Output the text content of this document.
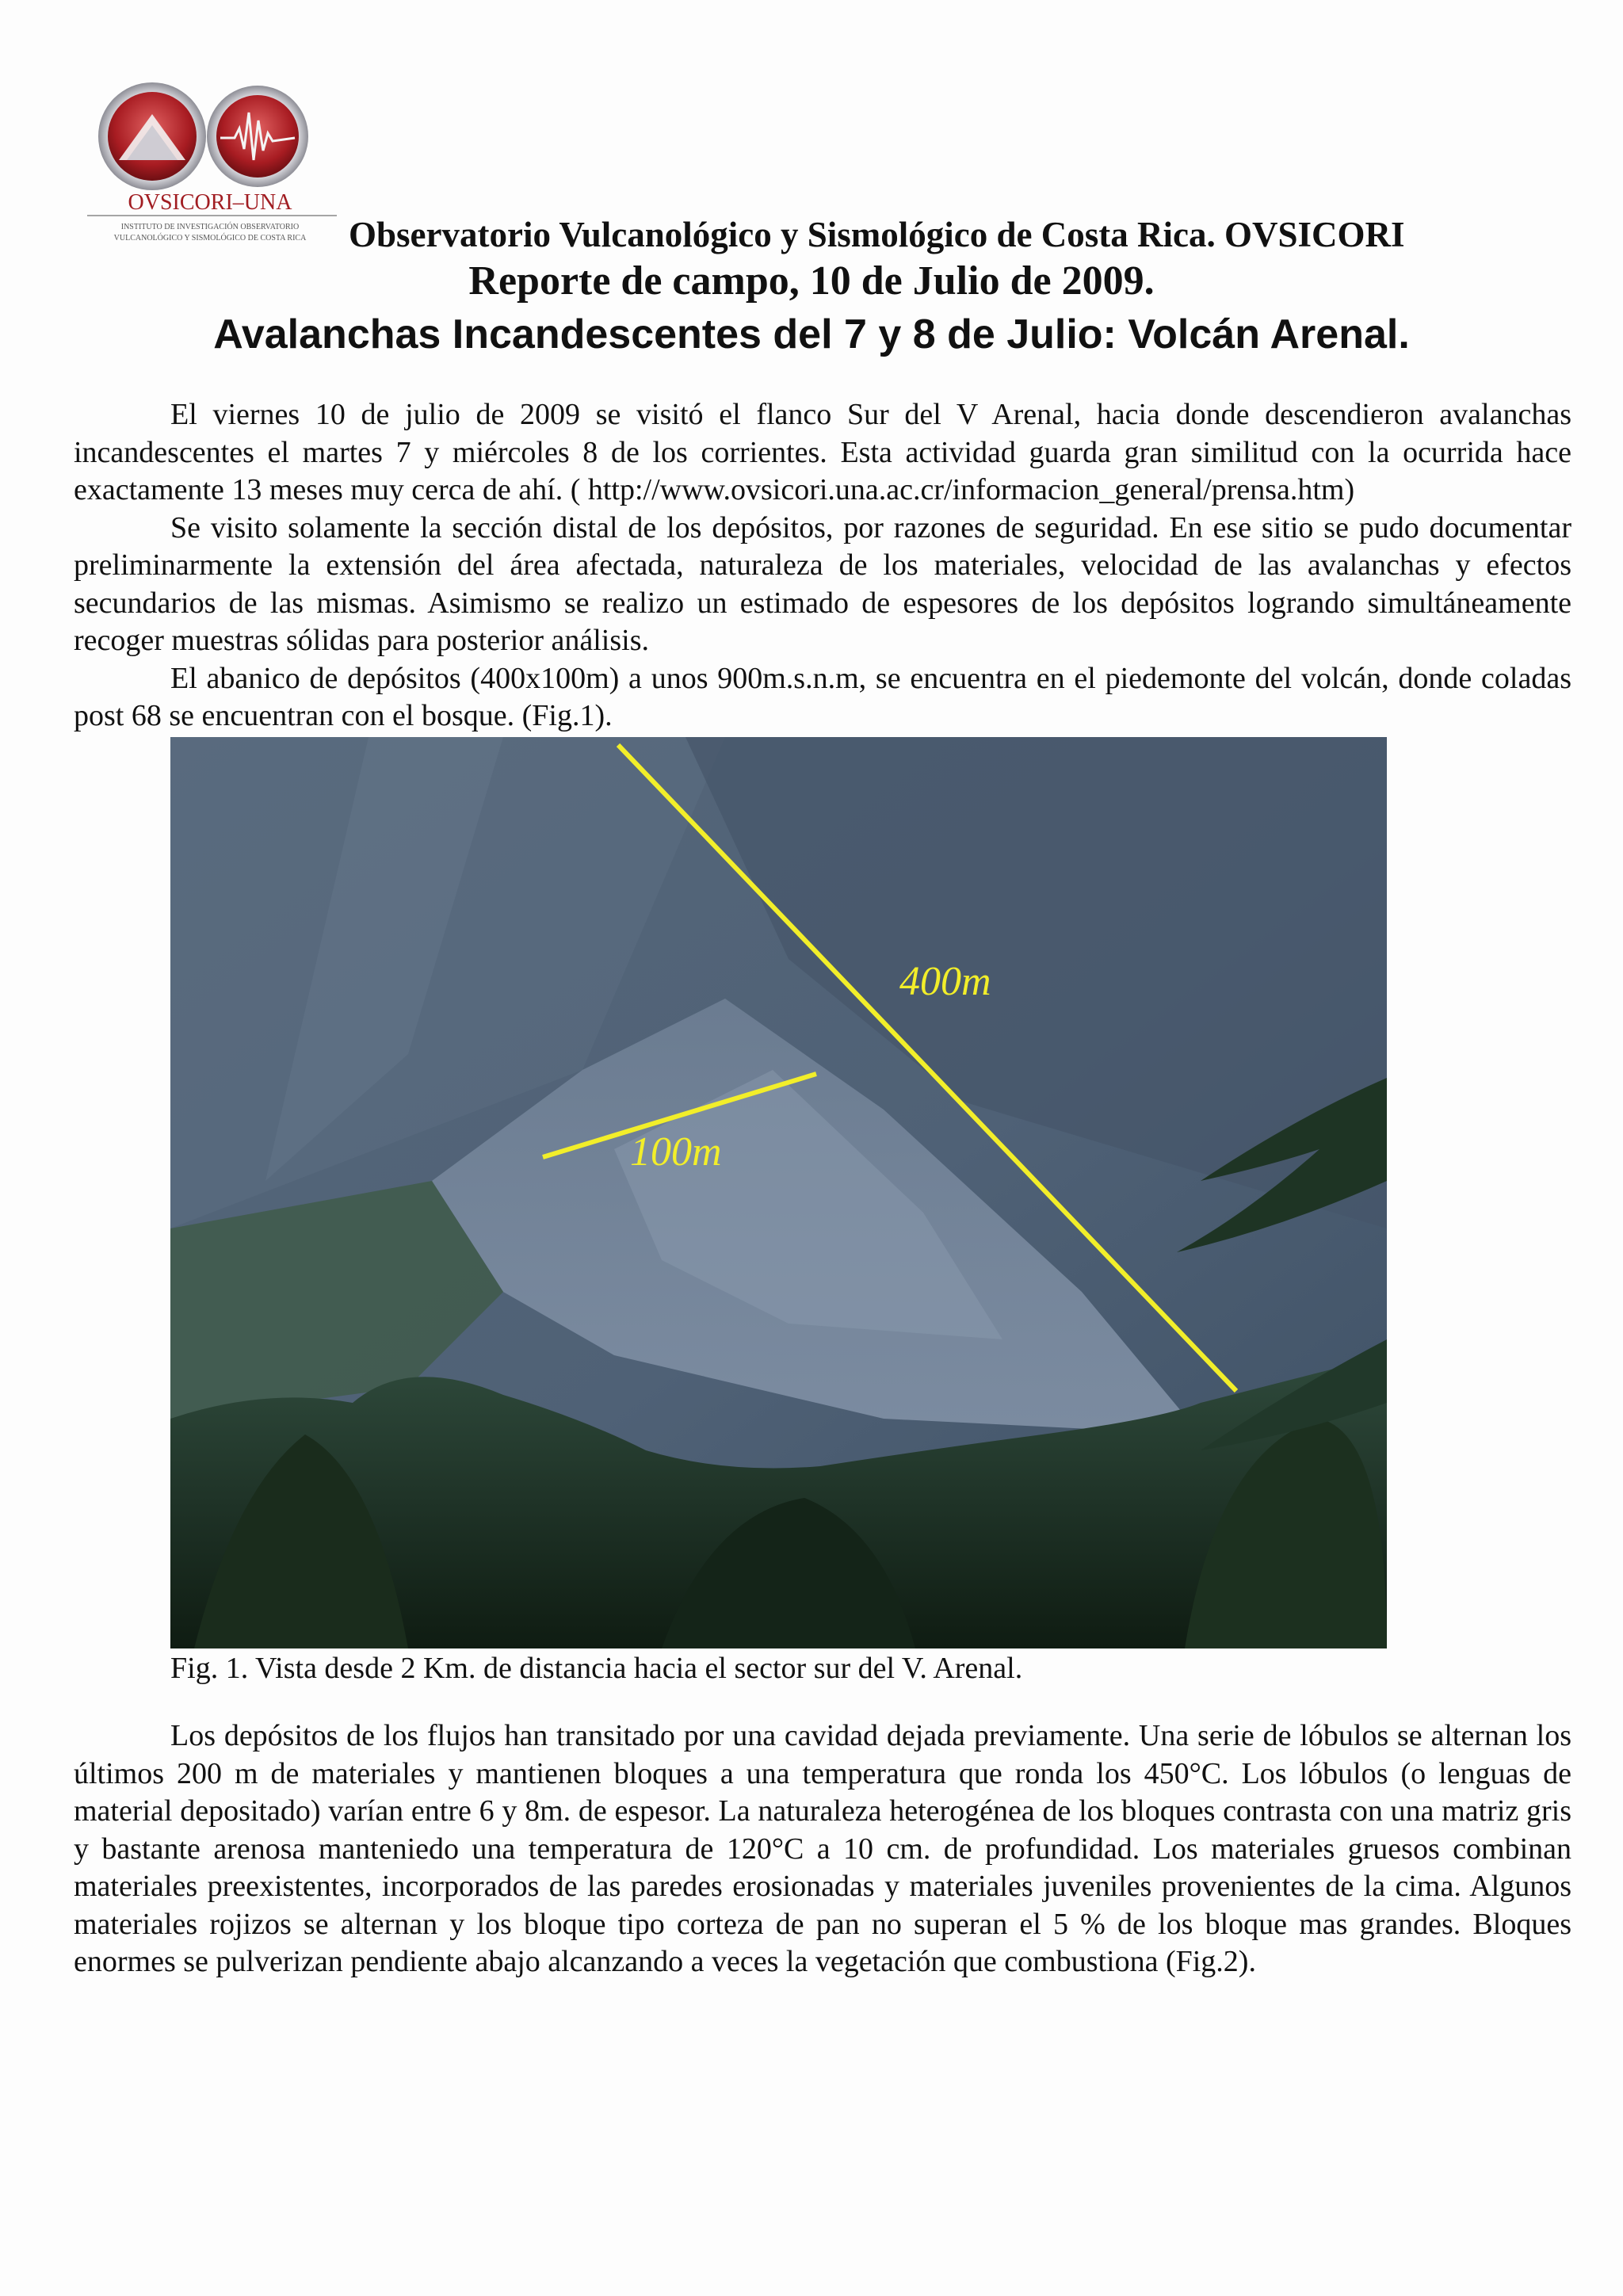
OVSICORI–UNA
INSTITUTO DE INVESTIGACIÓN OBSERVATORIO
VULCANOLÓGICO Y SISMOLÓGICO DE COSTA RICA Observatorio Vulcanológico y Sismológico de Costa Rica. OVSICORI
Reporte de campo, 10 de Julio de 2009.
Avalanchas Incandescentes del 7 y 8 de Julio: Volcán Arenal.

El viernes 10 de julio de 2009 se visitó el flanco Sur del V Arenal, hacia donde descendieron avalanchas incandescentes el martes 7 y miércoles 8 de los corrientes. Esta actividad guarda gran similitud con la ocurrida hace exactamente 13 meses muy cerca de ahí. ( http://www.ovsicori.una.ac.cr/informacion_general/prensa.htm)

Se visito solamente la sección distal de los depósitos, por razones de seguridad. En ese sitio se pudo documentar preliminarmente la extensión del área afectada, naturaleza de los materiales, velocidad de las avalanchas y efectos secundarios de las mismas. Asimismo se realizo un estimado de espesores de los depósitos logrando simultáneamente recoger muestras sólidas para posterior análisis.

El abanico de depósitos (400x100m) a unos 900m.s.n.m, se encuentra en el piedemonte del volcán, donde coladas post 68 se encuentran con el bosque. (Fig.1).

400m
100m
Fig. 1. Vista desde 2 Km. de distancia hacia el sector sur del V. Arenal.

Los depósitos de los flujos han transitado por una cavidad dejada previamente. Una serie de lóbulos se alternan los últimos 200 m de materiales y mantienen bloques a una temperatura que ronda los 450°C. Los lóbulos (o lenguas de material depositado) varían entre 6 y 8m. de espesor. La naturaleza heterogénea de los bloques contrasta con una matriz gris y bastante arenosa manteniedo una temperatura de 120°C a 10 cm. de profundidad. Los materiales gruesos combinan materiales preexistentes, incorporados de las paredes erosionadas y materiales juveniles provenientes de la cima. Algunos materiales rojizos se alternan y los bloque tipo corteza de pan no superan el 5 % de los bloque mas grandes. Bloques enormes se pulverizan pendiente abajo alcanzando a veces la vegetación que combustiona (Fig.2).
